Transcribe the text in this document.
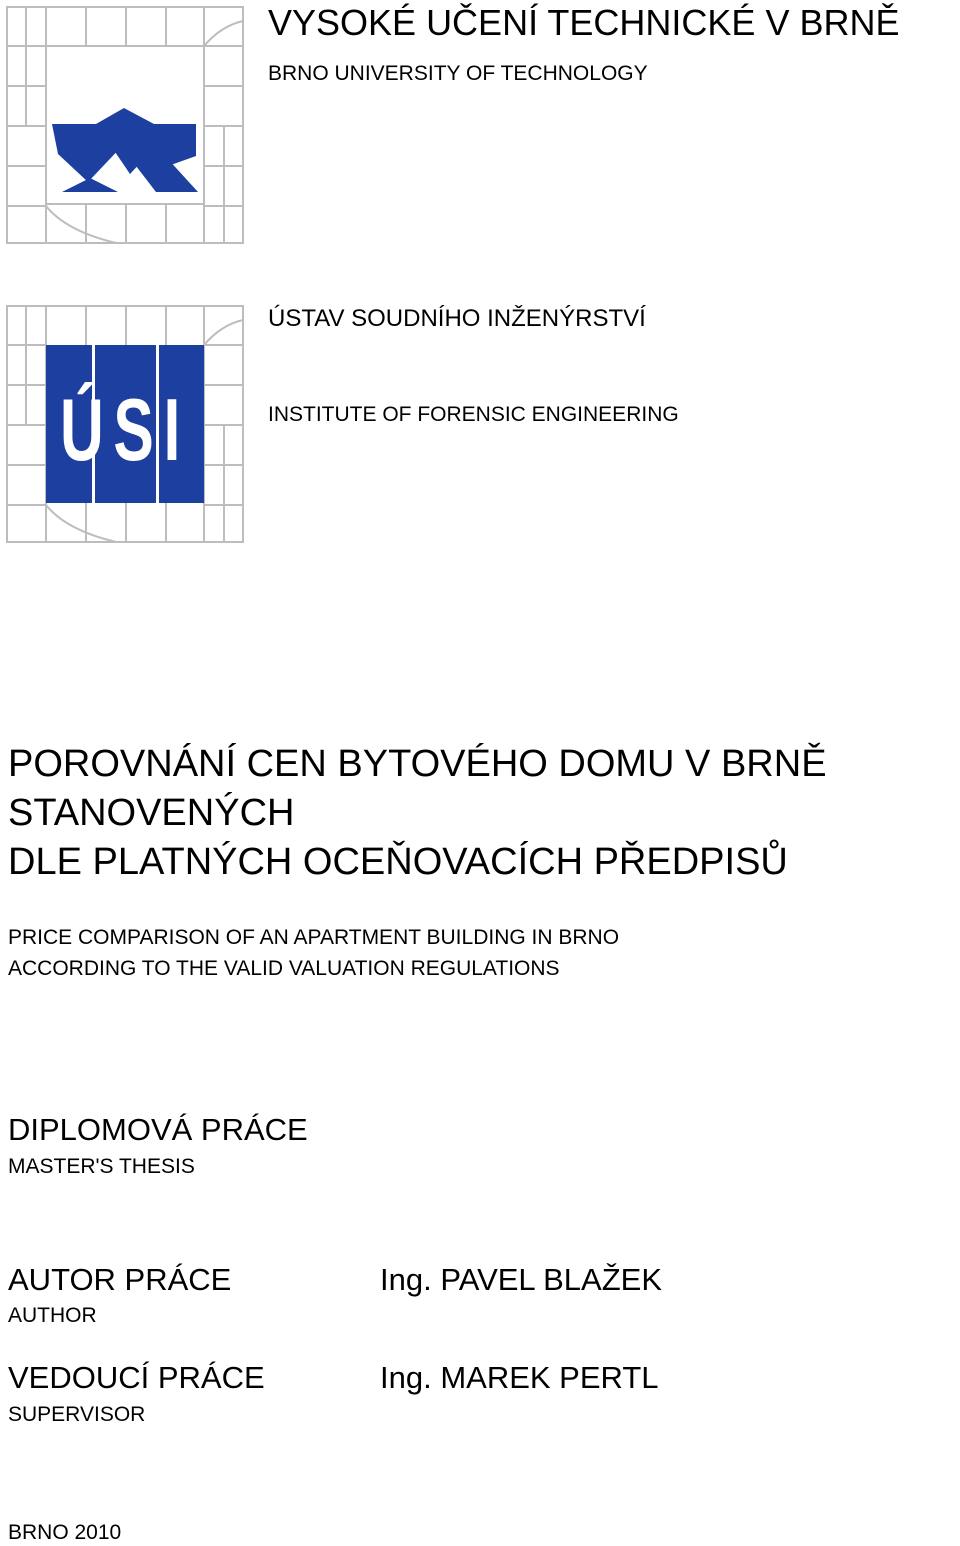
ÚSI
VYSOKÉ UČENÍ TECHNICKÉ V BRNĚ
BRNO UNIVERSITY OF TECHNOLOGY
ÚSTAV SOUDNÍHO INŽENÝRSTVÍ
INSTITUTE OF FORENSIC ENGINEERING
POROVNÁNÍ CEN BYTOVÉHO DOMU V BRNĚ
STANOVENÝCH
DLE PLATNÝCH OCEŇOVACÍCH PŘEDPISŮ
PRICE COMPARISON OF AN APARTMENT BUILDING IN BRNO
ACCORDING TO THE VALID VALUATION REGULATIONS
DIPLOMOVÁ PRÁCE
MASTER'S THESIS
AUTOR PRÁCE
AUTHOR
Ing. PAVEL BLAŽEK
VEDOUCÍ PRÁCE
SUPERVISOR
Ing. MAREK PERTL
BRNO 2010
